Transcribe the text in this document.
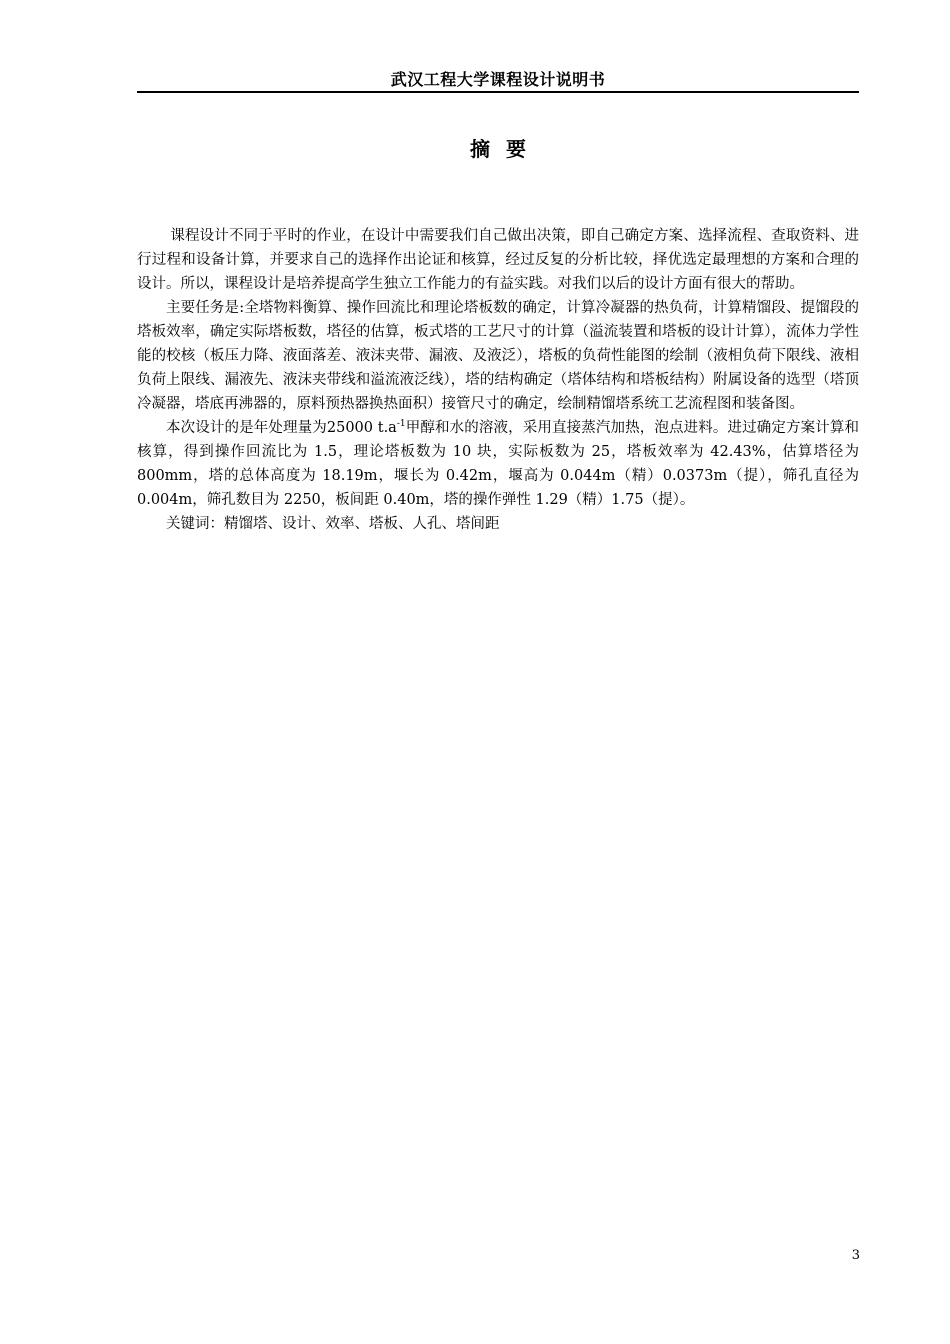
武汉工程大学课程设计说明书
摘要

课程设计不同于平时的作业，在设计中需要我们自己做出决策，即自己确定方案、选择流程、查取资料、进行过程和设备计算，并要求自己的选择作出论证和核算，经过反复的分析比较，择优选定最理想的方案和合理的设计。所以，课程设计是培养提高学生独立工作能力的有益实践。对我们以后的设计方面有很大的帮助。

主要任务是:全塔物料衡算、操作回流比和理论塔板数的确定，计算冷凝器的热负荷，计算精馏段、提馏段的塔板效率，确定实际塔板数，塔径的估算，板式塔的工艺尺寸的计算（溢流装置和塔板的设计计算），流体力学性能的校核（板压力降、液面落差、液沫夹带、漏液、及液泛），塔板的负荷性能图的绘制（液相负荷下限线、液相负荷上限线、漏液先、液沫夹带线和溢流液泛线），塔的结构确定（塔体结构和塔板结构）附属设备的选型（塔顶冷凝器，塔底再沸器的，原料预热器换热面积）接管尺寸的确定，绘制精馏塔系统工艺流程图和装备图。

本次设计的是年处理量为25000 $t.a^{-1}$甲醇和水的溶液，采用直接蒸汽加热，泡点进料。进过确定方案计算和核算，得到操作回流比为 1.5，理论塔板数为 10 块，实际板数为 25，塔板效率为 42.43%，估算塔径为 800mm，塔的总体高度为 18.19m，堰长为 0.42m，堰高为 0.044m（精）0.0373m（提），筛孔直径为 0.004m，筛孔数目为 2250，板间距 0.40m，塔的操作弹性 1.29（精）1.75（提）。

关键词：精馏塔、设计、效率、塔板、人孔、塔间距

3
